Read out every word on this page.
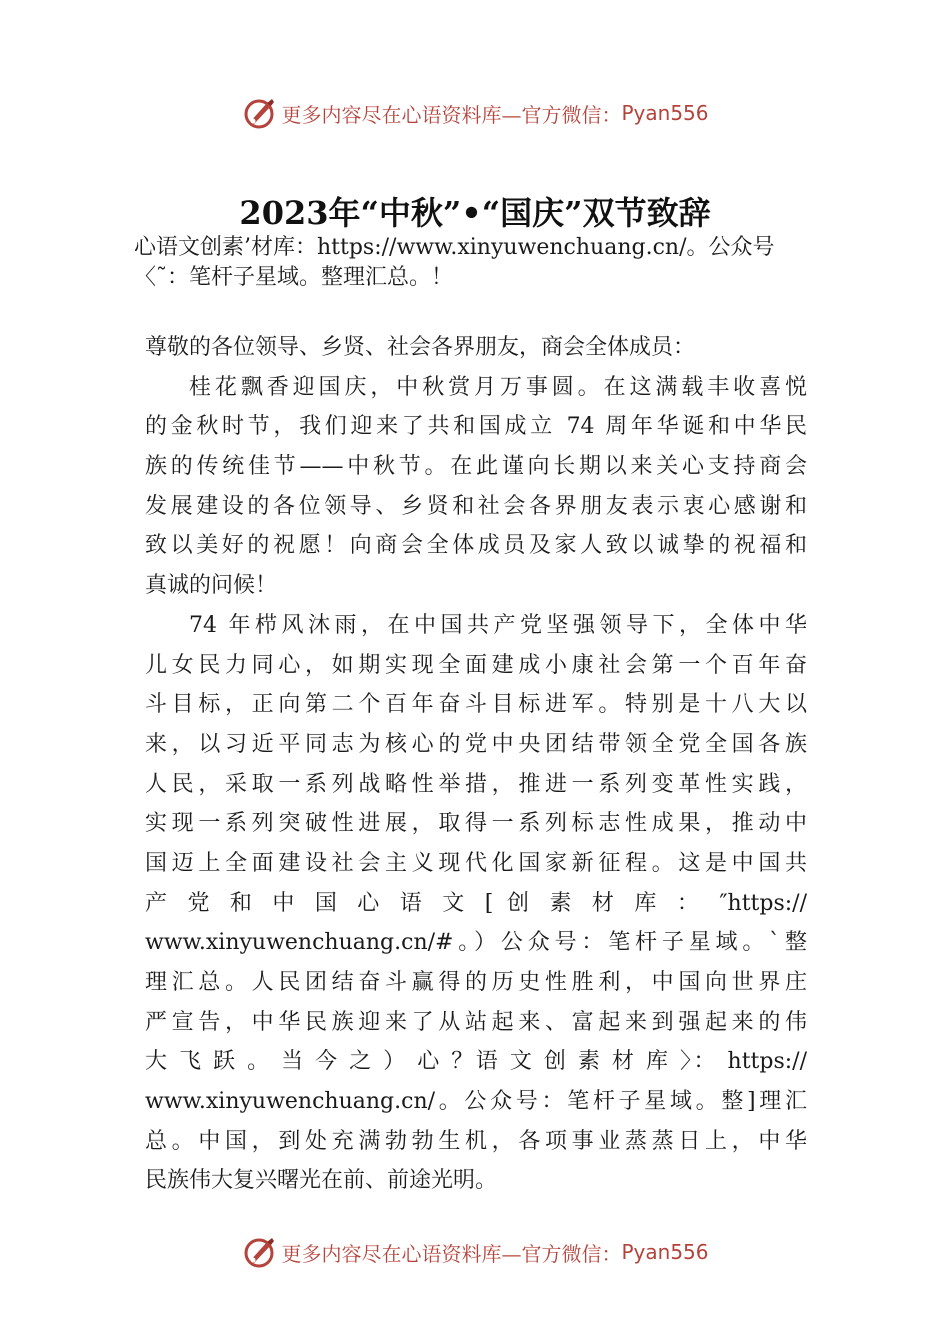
更多内容尽在心语资料库—官方微信： Pyan556
2023年“中秋”•“国庆”双节致辞
心语文创素’材库：https://www.xinyuwenchuang.cn/。公众号
〈˜：笔杆子星域。整理汇总。！
尊敬的各位领导、乡贤、社会各界朋友，商会全体成员：
桂花飘香迎国庆，中秋赏月万事圆。在这满载丰收喜悦
的金秋时节，我们迎来了共和国成立 74 周年华诞和中华民
族的传统佳节——中秋节。在此谨向长期以来关心支持商会
发展建设的各位领导、乡贤和社会各界朋友表示衷心感谢和
致以美好的祝愿！向商会全体成员及家人致以诚挚的祝福和
真诚的问候！
74 年栉风沐雨，在中国共产党坚强领导下，全体中华
儿女民力同心，如期实现全面建成小康社会第一个百年奋
斗目标，正向第二个百年奋斗目标进军。特别是十八大以
来，以习近平同志为核心的党中央团结带领全党全国各族
人民，采取一系列战略性举措，推进一系列变革性实践，
实现一系列突破性进展，取得一系列标志性成果，推动中
国迈上全面建设社会主义现代化国家新征程。这是中国共
产 党 和 中 国 心 语 文 [ 创 素 材 库 ： ″https://
www.xinyuwenchuang.cn/#。）公众号：笔杆子星域。`整
理汇总。人民团结奋斗赢得的历史性胜利，中国向世界庄
严宣告，中华民族迎来了从站起来、富起来到强起来的伟
大 飞 跃 。 当 今 之 ） 心 ？语 文 创 素 材 库 〉： https://
www.xinyuwenchuang.cn/。公众号：笔杆子星域。整]理汇
总。中国，到处充满勃勃生机，各项事业蒸蒸日上，中华
民族伟大复兴曙光在前、前途光明。
更多内容尽在心语资料库—官方微信： Pyan556
